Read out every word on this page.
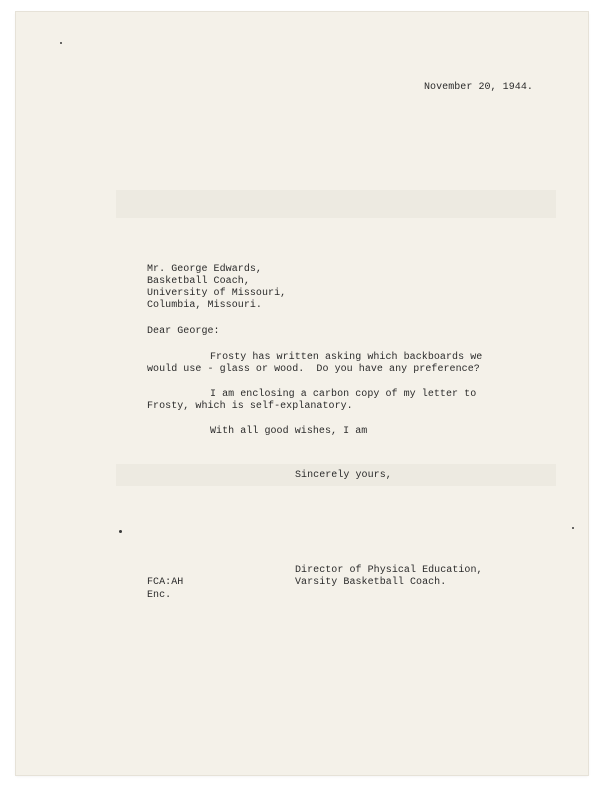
November 20, 1944.

Mr. George Edwards,

Basketball Coach,

University of Missouri,

Columbia, Missouri.

Dear George:

Frosty has written asking which backboards we

would use - glass or wood.  Do you have any preference?

I am enclosing a carbon copy of my letter to

Frosty, which is self-explanatory.

With all good wishes, I am

Sincerely yours,

Director of Physical Education,

Varsity Basketball Coach.

FCA:AH

Enc.
